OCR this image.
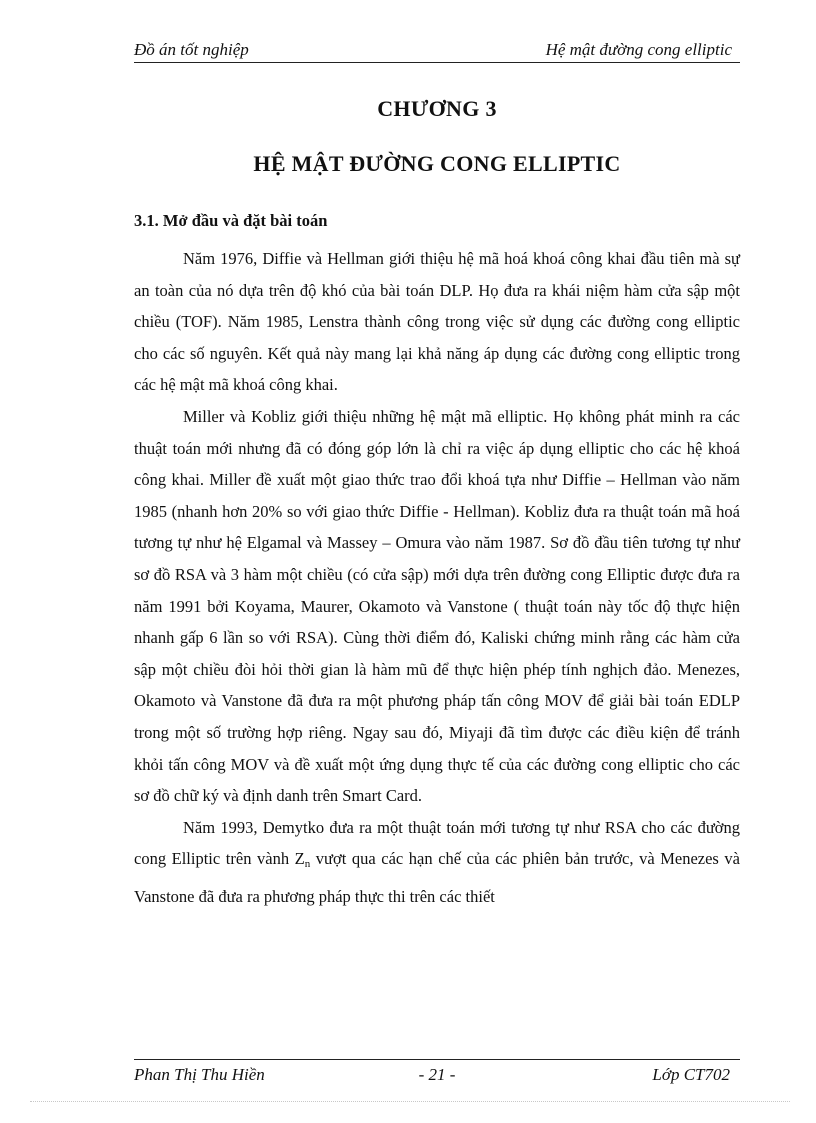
Đồ án tốt nghiệp	Hệ mật đường cong elliptic
CHƯƠNG 3
HỆ MẬT ĐƯỜNG CONG ELLIPTIC
3.1. Mở đầu và đặt bài toán

Năm 1976, Diffie và Hellman giới thiệu hệ mã hoá khoá công khai đầu tiên mà sự an toàn của nó dựa trên độ khó của bài toán DLP. Họ đưa ra khái niệm hàm cửa sập một chiều (TOF). Năm 1985, Lenstra thành công trong việc sử dụng các đường cong elliptic cho các số nguyên. Kết quả này mang lại khả năng áp dụng các đường cong elliptic trong các hệ mật mã khoá công khai.

Miller và Kobliz giới thiệu những hệ mật mã elliptic. Họ không phát minh ra các thuật toán mới nhưng đã có đóng góp lớn là chỉ ra việc áp dụng elliptic cho các hệ khoá công khai. Miller đề xuất một giao thức trao đổi khoá tựa như Diffie – Hellman vào năm 1985 (nhanh hơn 20% so với giao thức Diffie - Hellman). Kobliz đưa ra thuật toán mã hoá tương tự như hệ Elgamal và Massey – Omura vào năm 1987. Sơ đồ đầu tiên tương tự như sơ đồ RSA và 3 hàm một chiều (có cửa sập) mới dựa trên đường cong Elliptic được đưa ra năm 1991 bởi Koyama, Maurer, Okamoto và Vanstone ( thuật toán này tốc độ thực hiện nhanh gấp 6 lần so với RSA). Cùng thời điểm đó, Kaliski chứng minh rằng các hàm cửa sập một chiều đòi hỏi thời gian là hàm mũ để thực hiện phép tính nghịch đảo. Menezes, Okamoto và Vanstone đã đưa ra một phương pháp tấn công MOV để giải bài toán EDLP trong một số trường hợp riêng. Ngay sau đó, Miyaji đã tìm được các điều kiện để tránh khỏi tấn công MOV và đề xuất một ứng dụng thực tế của các đường cong elliptic cho các sơ đồ chữ ký và định danh trên Smart Card.

Năm 1993, Demytko đưa ra một thuật toán mới tương tự như RSA cho các đường cong Elliptic trên vành $Z_n$ vượt qua các hạn chế của các phiên bản trước, và Menezes và Vanstone đã đưa ra phương pháp thực thi trên các thiết

Phan Thị Thu Hiền	- 21 -	Lớp CT702
